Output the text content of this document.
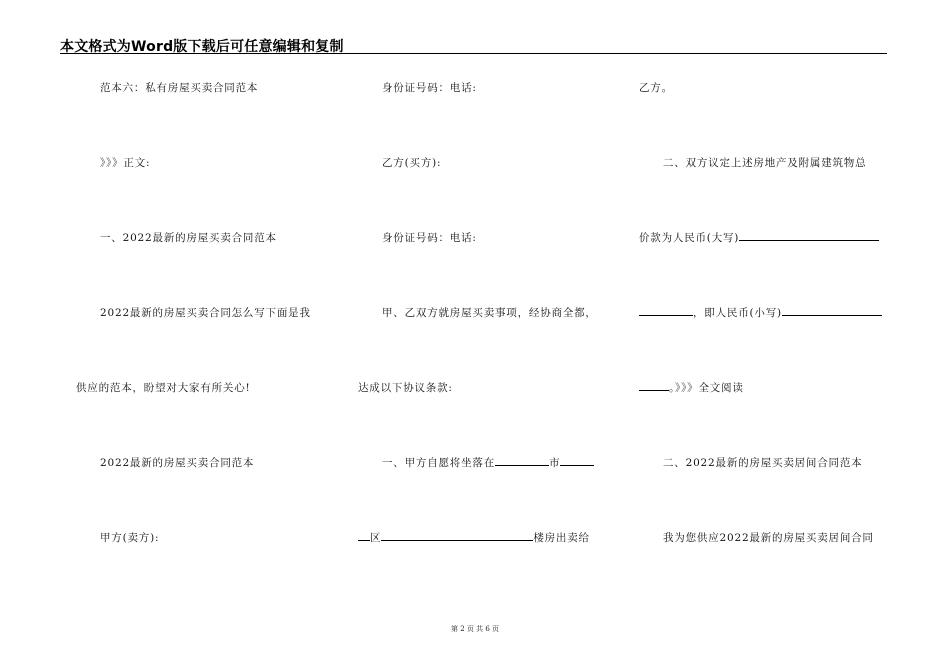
本文格式为Word版下载后可任意编辑和复制
范本六：私有房屋买卖合同范本
》》》正文:
一、2022最新的房屋买卖合同范本
2022最新的房屋买卖合同怎么写下面是我
供应的范本，盼望对大家有所关心!
2022最新的房屋买卖合同范本
甲方(卖方):
身份证号码：电话:
乙方(买方):
身份证号码：电话:
甲、乙双方就房屋买卖事项，经协商全都，
达成以下协议条款:
一、甲方自愿将坐落在	市
区	楼房出卖给
乙方。
二、双方议定上述房地产及附属建筑物总
价款为人民币(大写)
，即人民币(小写)
。》》》全文阅读
二、2022最新的房屋买卖居间合同范本
我为您供应2022最新的房屋买卖居间合同
第 2 页 共 6 页
